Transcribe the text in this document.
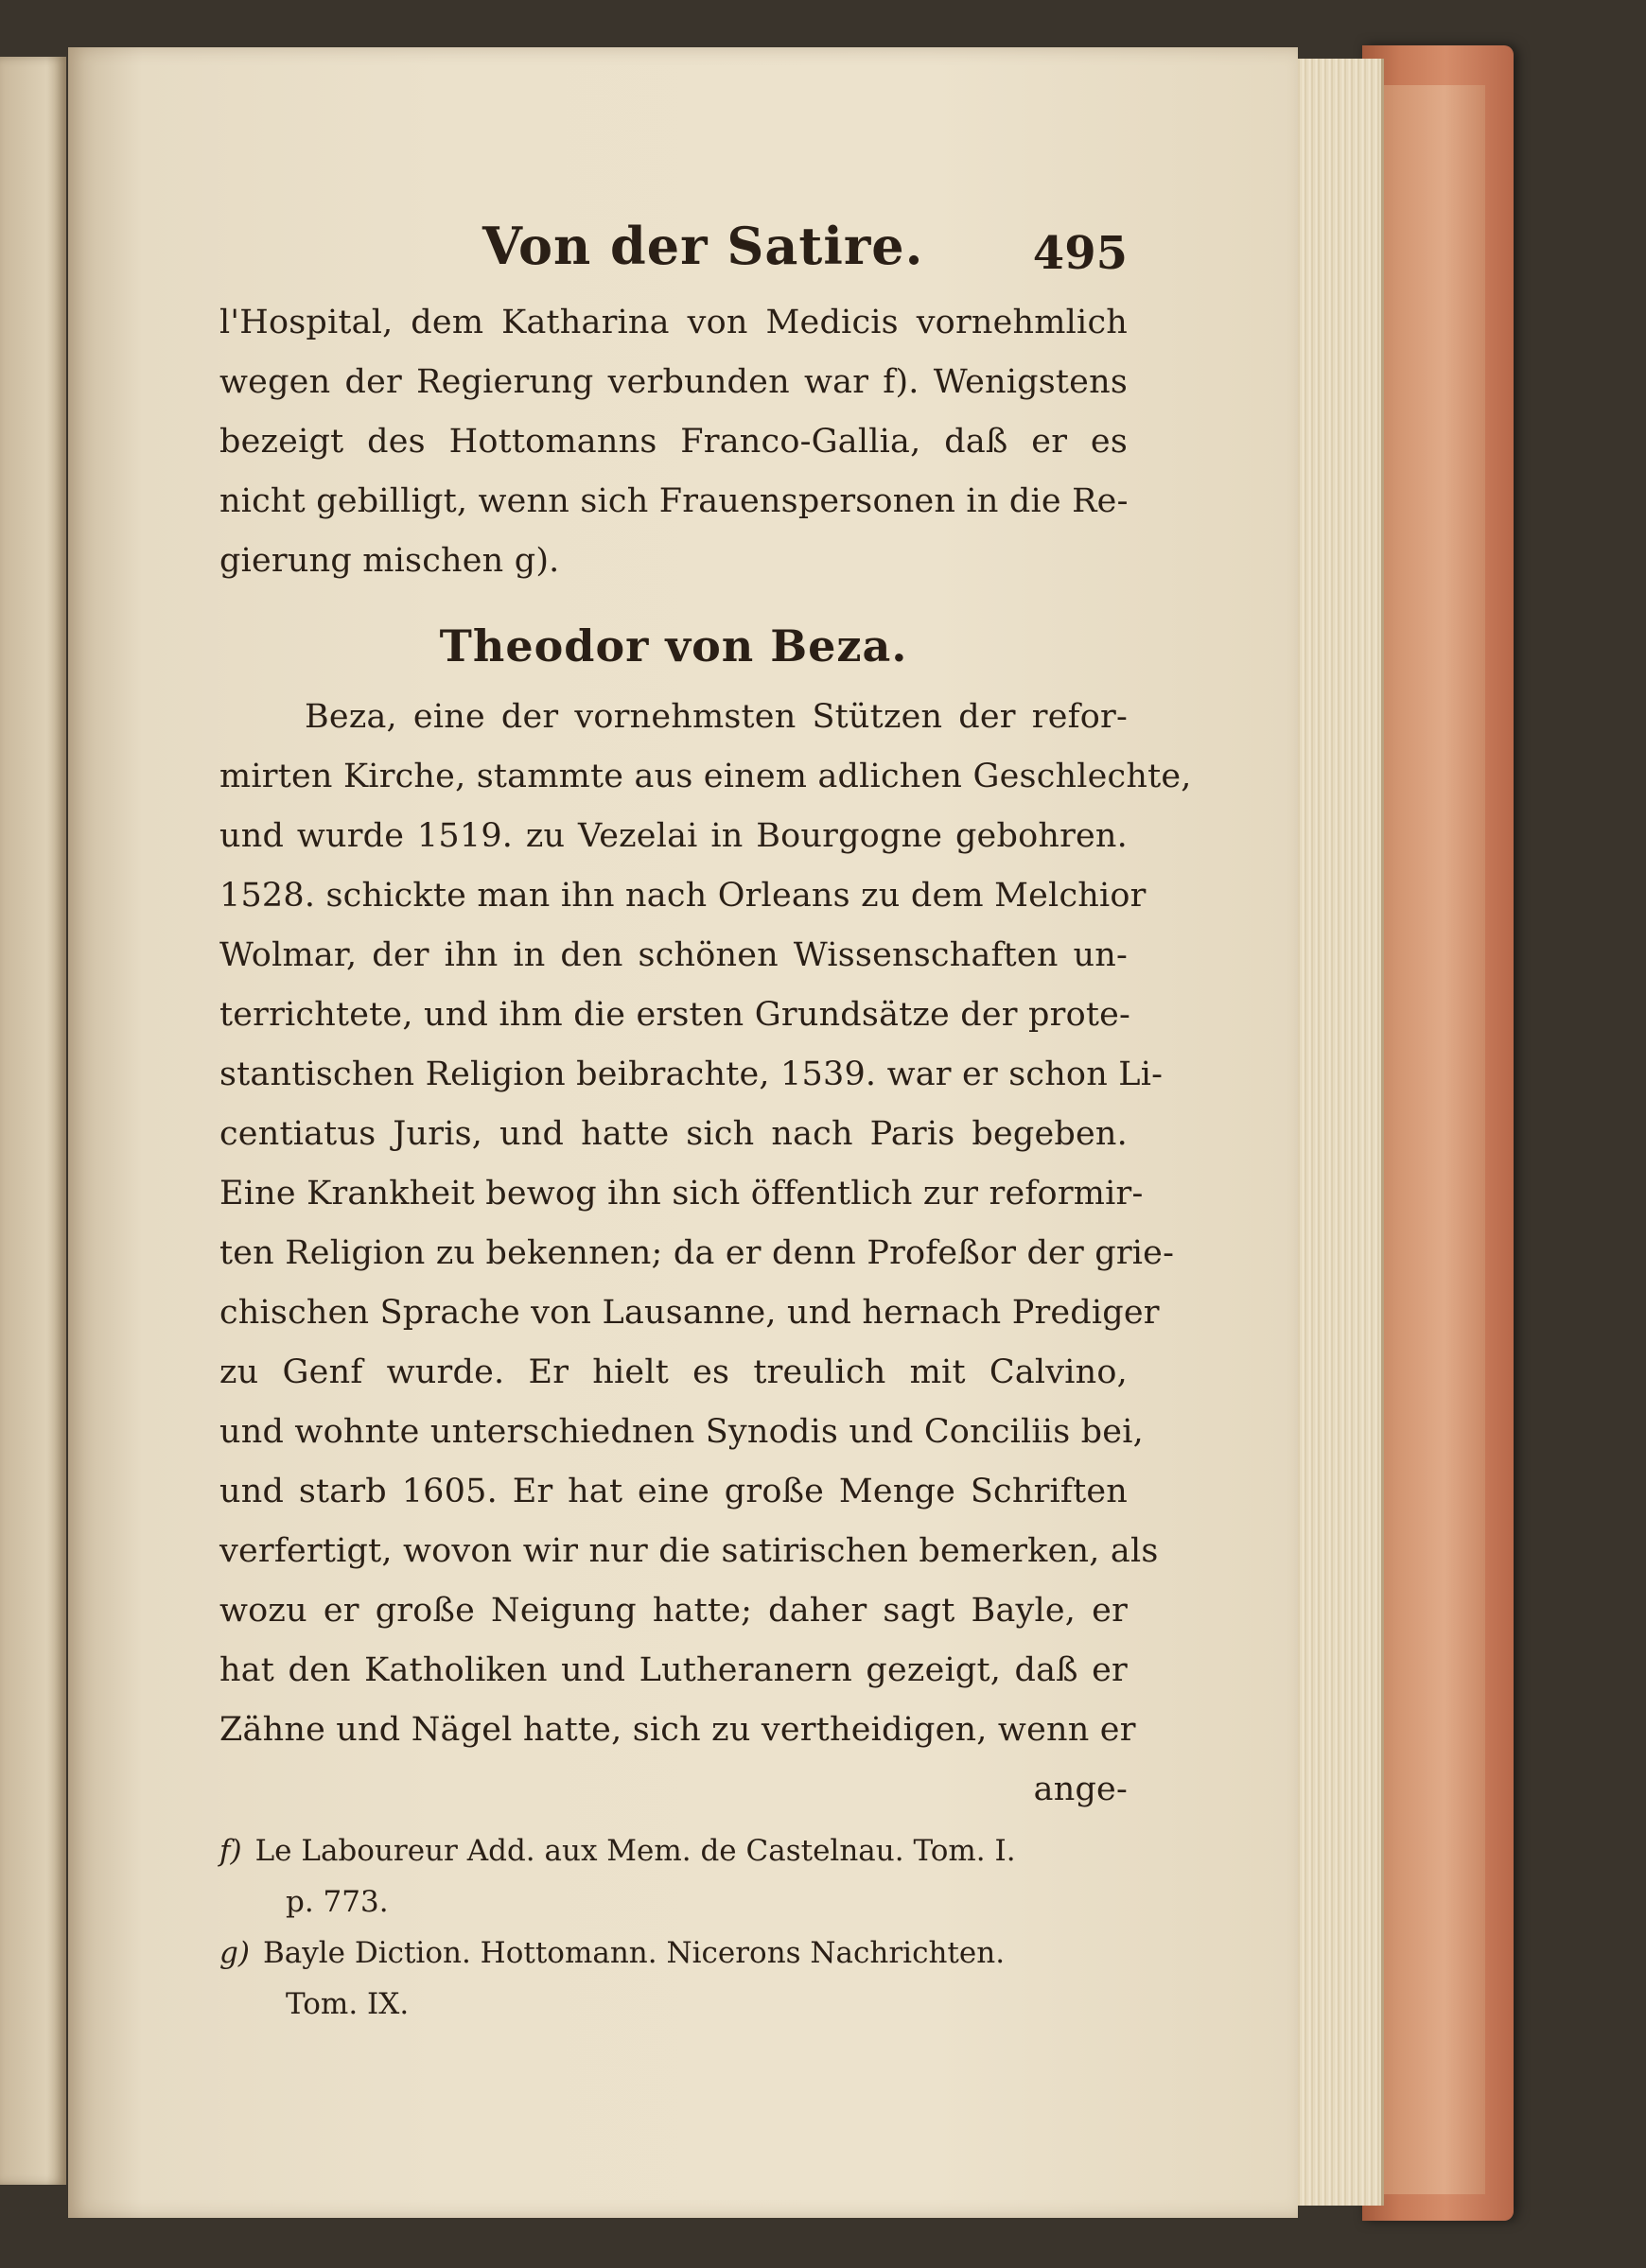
Von der Satire. 495
l'Hospital, dem Katharina von Medicis vornehmlich
wegen der Regierung verbunden war f). Wenigstens
bezeigt des Hottomanns Franco-Gallia, daß er es
nicht gebilligt, wenn sich Frauenspersonen in die Re-
gierung mischen g).
Theodor von Beza.
Beza, eine der vornehmsten Stützen der refor-
mirten Kirche, stammte aus einem adlichen Geschlechte,
und wurde 1519. zu Vezelai in Bourgogne gebohren.
1528. schickte man ihn nach Orleans zu dem Melchior
Wolmar, der ihn in den schönen Wissenschaften un-
terrichtete, und ihm die ersten Grundsätze der prote-
stantischen Religion beibrachte, 1539. war er schon Li-
centiatus Juris, und hatte sich nach Paris begeben.
Eine Krankheit bewog ihn sich öffentlich zur reformir-
ten Religion zu bekennen; da er denn Profeßor der grie-
chischen Sprache von Lausanne, und hernach Prediger
zu Genf wurde. Er hielt es treulich mit Calvino,
und wohnte unterschiednen Synodis und Conciliis bei,
und starb 1605. Er hat eine große Menge Schriften
verfertigt, wovon wir nur die satirischen bemerken, als
wozu er große Neigung hatte; daher sagt Bayle, er
hat den Katholiken und Lutheranern gezeigt, daß er
Zähne und Nägel hatte, sich zu vertheidigen, wenn er
ange-
f) Le Laboureur Add. aux Mem. de Castelnau. Tom. I.
p. 773.
g) Bayle Diction. Hottomann. Nicerons Nachrichten.
Tom. IX.
